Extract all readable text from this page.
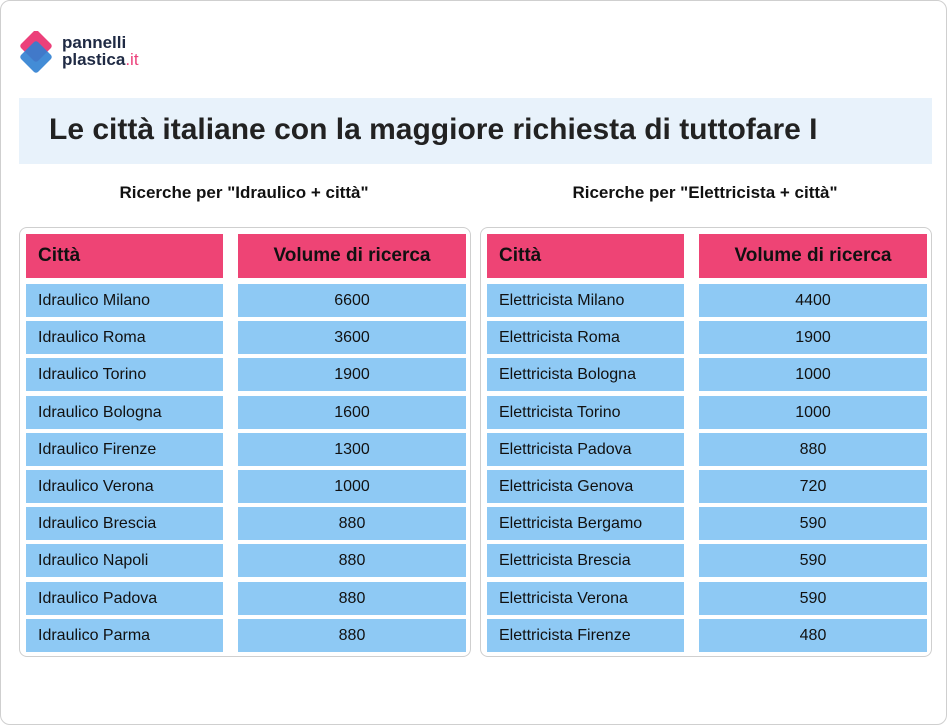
pannelli
plastica.it
Le città italiane con la maggiore richiesta di tuttofare I
Ricerche per "Idraulico + città"	Ricerche per "Elettricista + città"
Città	Volume di ricerca
Idraulico Milano	6600
Idraulico Roma	3600
Idraulico Torino	1900
Idraulico Bologna	1600
Idraulico Firenze	1300
Idraulico Verona	1000
Idraulico Brescia	880
Idraulico Napoli	880
Idraulico Padova	880
Idraulico Parma	880
Città	Volume di ricerca
Elettricista Milano	4400
Elettricista Roma	1900
Elettricista Bologna	1000
Elettricista Torino	1000
Elettricista Padova	880
Elettricista Genova	720
Elettricista Bergamo	590
Elettricista Brescia	590
Elettricista Verona	590
Elettricista Firenze	480
